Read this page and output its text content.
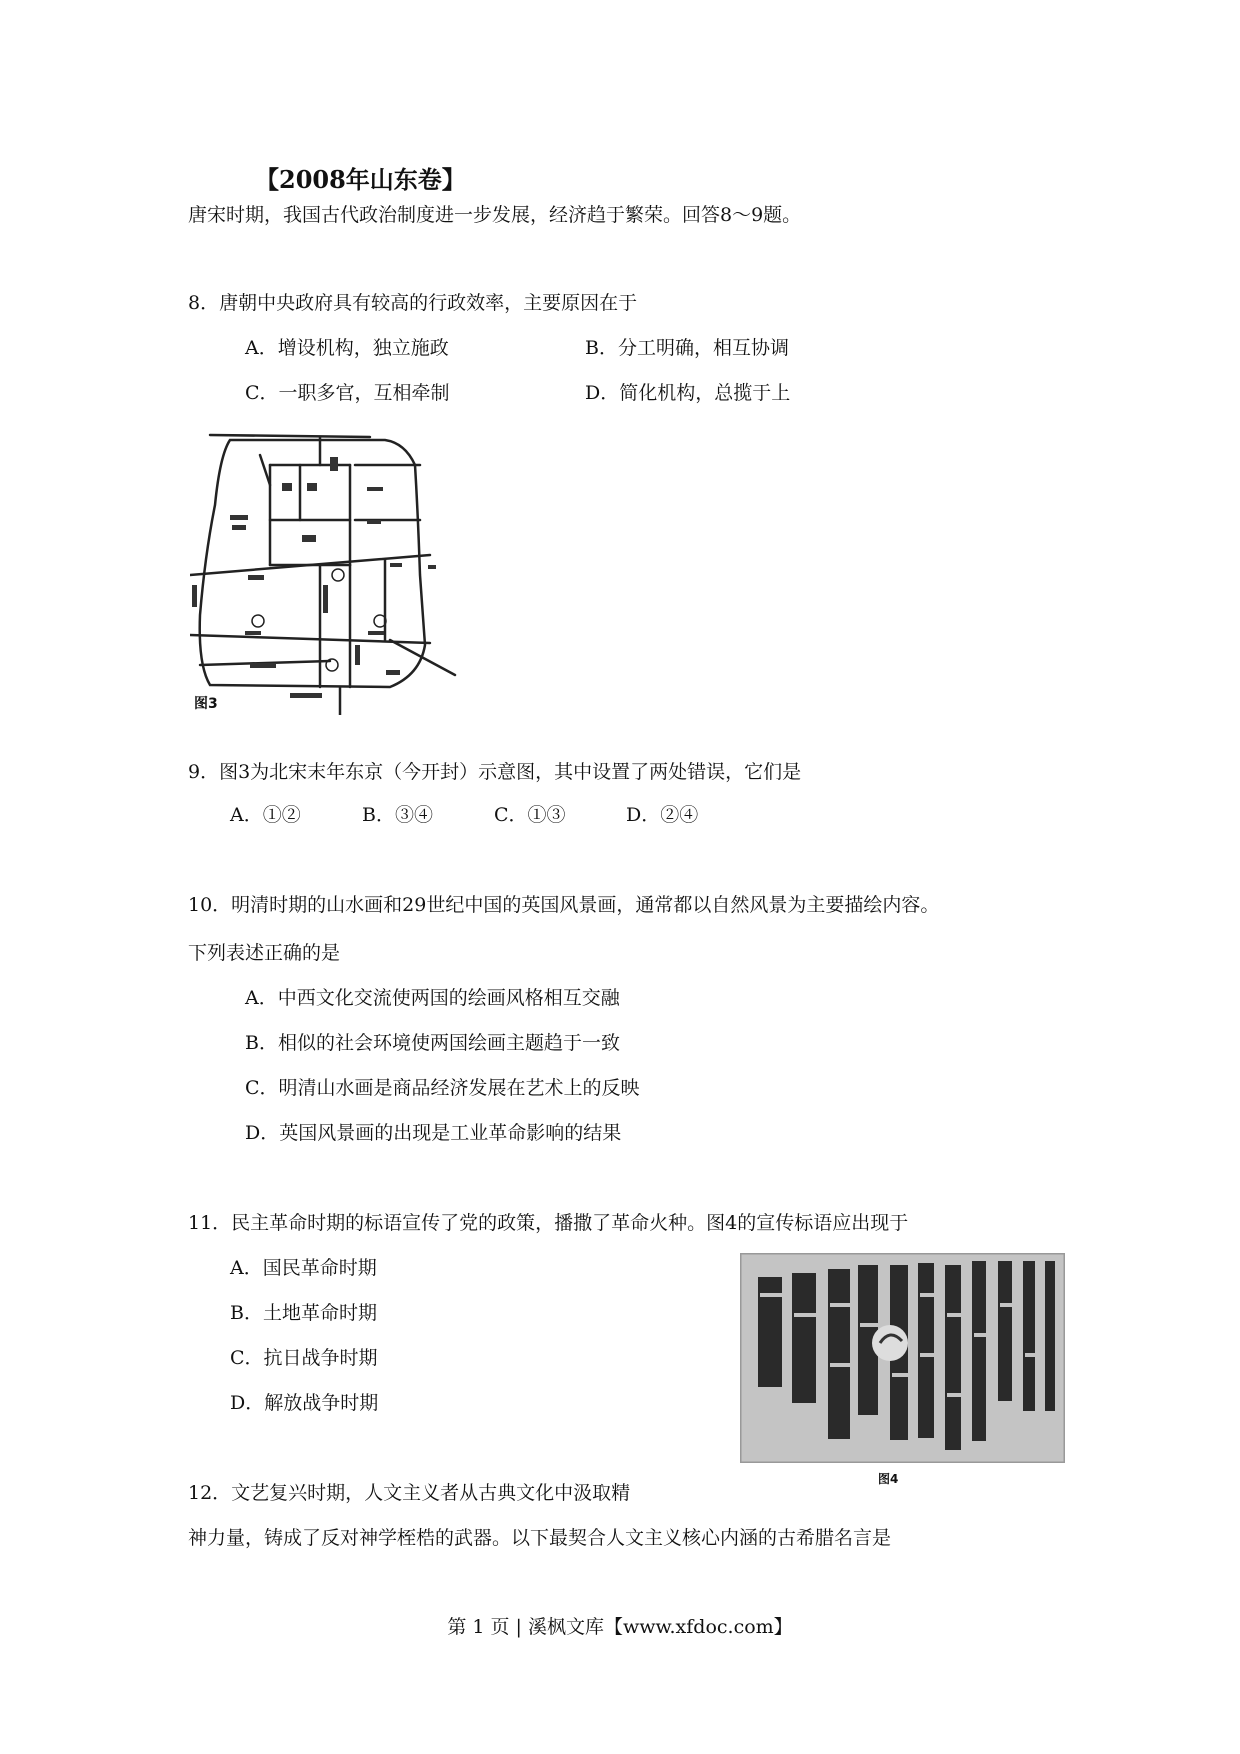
【2008年山东卷】
唐宋时期，我国古代政治制度进一步发展，经济趋于繁荣。回答8～9题。
8．唐朝中央政府具有较高的行政效率，主要原因在于
A．增设机构，独立施政	B．分工明确，相互协调
C．一职多官，互相牵制	D．简化机构，总揽于上
图3
9．图3为北宋末年东京（今开封）示意图，其中设置了两处错误，它们是
A．①②	B．③④	C．①③	D．②④
10．明清时期的山水画和29世纪中国的英国风景画，通常都以自然风景为主要描绘内容。
下列表述正确的是
A．中西文化交流使两国的绘画风格相互交融
B．相似的社会环境使两国绘画主题趋于一致
C．明清山水画是商品经济发展在艺术上的反映
D．英国风景画的出现是工业革命影响的结果
11．民主革命时期的标语宣传了党的政策，播撒了革命火种。图4的宣传标语应出现于
A．国民革命时期
B．土地革命时期
C．抗日战争时期
D．解放战争时期
图4
12．文艺复兴时期，人文主义者从古典文化中汲取精
神力量，铸成了反对神学桎梏的武器。以下最契合人文主义核心内涵的古希腊名言是
第 1 页 | 溪枫文库【www.xfdoc.com】
